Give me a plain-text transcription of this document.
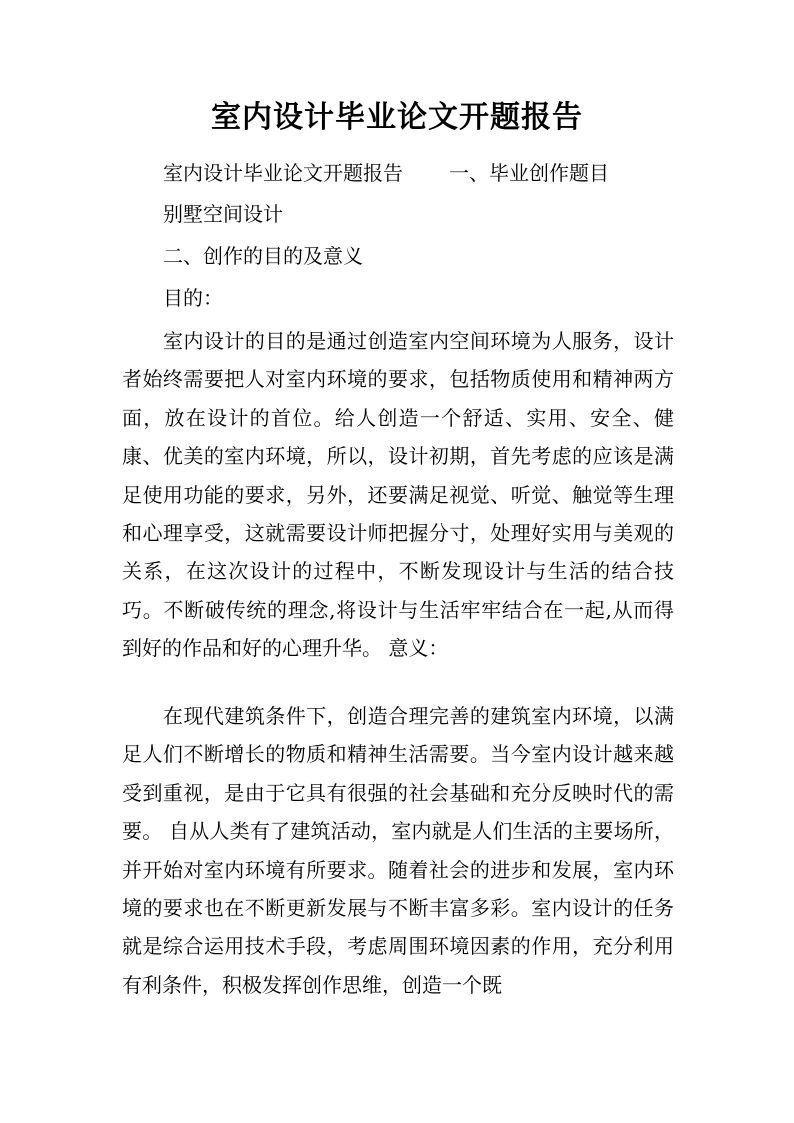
室内设计毕业论文开题报告
室内设计毕业论文开题报告 一、毕业创作题目
别墅空间设计
二、创作的目的及意义
目的：

室内设计的目的是通过创造室内空间环境为人服务，设计者始终需要把人对室内环境的要求，包括物质使用和精神两方面，放在设计的首位。给人创造一个舒适、实用、安全、健康、优美的室内环境，所以，设计初期，首先考虑的应该是满足使用功能的要求，另外，还要满足视觉、听觉、触觉等生理和心理享受，这就需要设计师把握分寸，处理好实用与美观的关系，在这次设计的过程中，不断发现设计与生活的结合技巧。不断破传统的理念,将设计与生活牢牢结合在一起,从而得到好的作品和好的心理升华。 意义：

在现代建筑条件下，创造合理完善的建筑室内环境，以满足人们不断增长的物质和精神生活需要。当今室内设计越来越受到重视，是由于它具有很强的社会基础和充分反映时代的需要。 自从人类有了建筑活动，室内就是人们生活的主要场所，并开始对室内环境有所要求。随着社会的进步和发展，室内环境的要求也在不断更新发展与不断丰富多彩。室内设计的任务就是综合运用技术手段，考虑周围环境因素的作用，充分利用有利条件，积极发挥创作思维，创造一个既
